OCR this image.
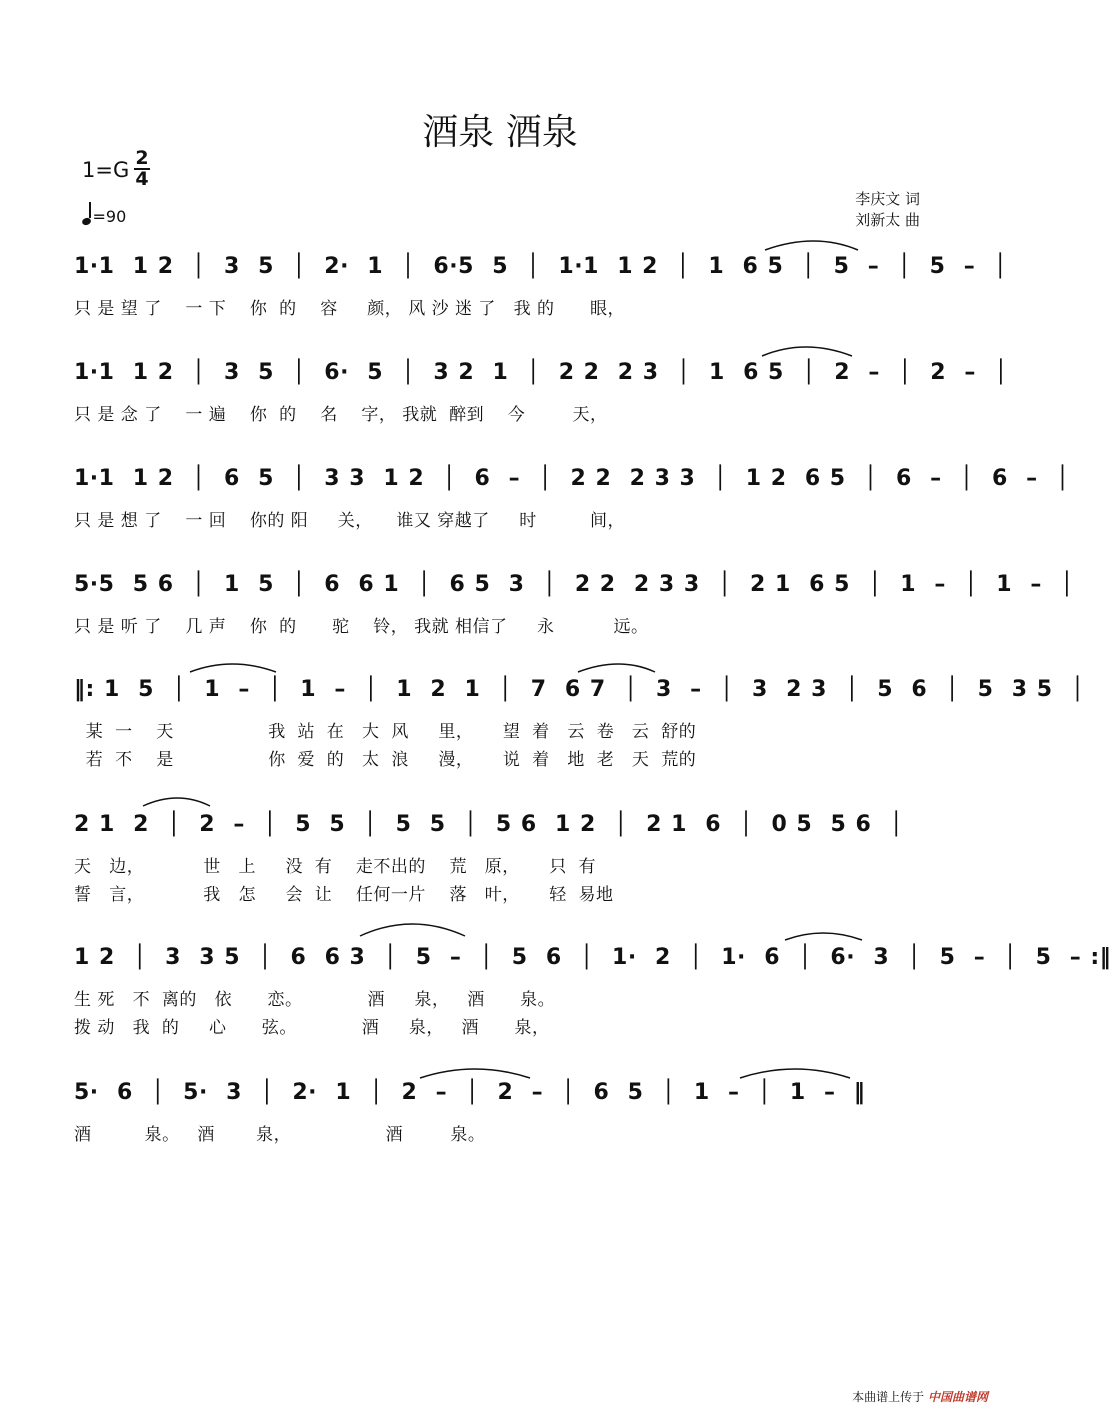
酒泉 酒泉
1=G 2
4
=90
李庆文 词
刘新太 曲
1·1  1 2  │  3  5  │  2·  1  │  6·5  5  │  1·1  1 2  │  1  6 5  │  5  –  │  5  –  │
只 是 望 了    一 下    你  的    容     颜， 风 沙 迷 了   我 的      眼，
1·1  1 2  │  3  5  │  6·  5  │  3 2  1  │  2 2  2 3  │  1  6 5  │  2  –  │  2  –  │
只 是 念 了    一 遍    你  的    名    字， 我就  醉到    今        天，
1·1  1 2  │  6  5  │  3 3  1 2  │  6  –  │  2 2  2 3 3  │  1 2  6 5  │  6  –  │  6  –  │
只 是 想 了    一 回    你的 阳     关，    谁又 穿越了     时         间，
5·5  5 6  │  1  5  │  6  6 1  │  6 5  3  │  2 2  2 3 3  │  2 1  6 5  │  1  –  │  1  –  │
只 是 听 了    几 声    你  的      驼    铃， 我就 相信了     永          远。
‖: 1  5  │  1  –  │  1  –  │  1  2  1  │  7  6 7  │  3  –  │  3  2 3  │  5  6  │  5  3 5  │
某  一    天                我  站  在   大  风     里，     望  着   云  卷   云  舒的
若  不    是                你  爱  的   太  浪     漫，     说  着   地  老   天  荒的
2 1  2  │  2  –  │  5  5  │  5  5  │  5 6  1 2  │  2 1  6  │  0 5  5 6  │
天   边，          世   上     没  有    走不出的    荒   原，     只  有
誓   言，          我   怎     会  让    任何一片    落   叶，     轻  易地
1 2  │  3  3 5  │  6  6 3  │  5  –  │  5  6  │  1·  2  │  1·  6  │  6·  3  │  5  –  │  5  – :‖
生 死   不  离的   依      恋。           酒     泉，   酒      泉。
拨 动   我  的     心      弦。           酒     泉，   酒      泉，
5·  6  │  5·  3  │  2·  1  │  2  –  │  2  –  │  6  5  │  1  –  │  1  –  ‖
酒         泉。   酒       泉，                酒        泉。
本曲谱上传于 中国曲谱网
